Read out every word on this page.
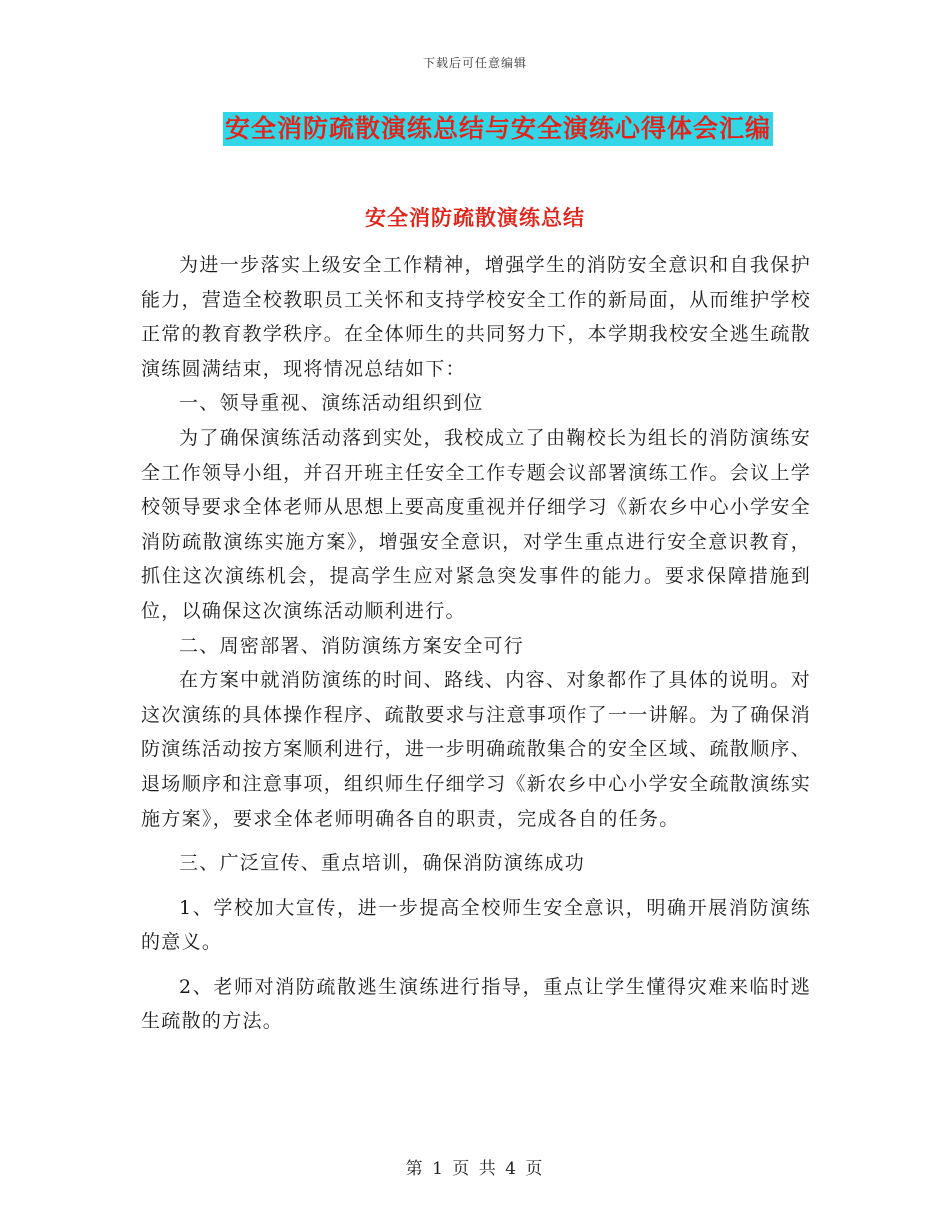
下载后可任意编辑
安全消防疏散演练总结与安全演练心得体会汇编
安全消防疏散演练总结

为进一步落实上级安全工作精神，增强学生的消防安全意识和自我保护能力，营造全校教职员工关怀和支持学校安全工作的新局面，从而维护学校正常的教育教学秩序。在全体师生的共同努力下，本学期我校安全逃生疏散演练圆满结束，现将情况总结如下：

一、领导重视、演练活动组织到位

为了确保演练活动落到实处，我校成立了由鞠校长为组长的消防演练安全工作领导小组，并召开班主任安全工作专题会议部署演练工作。会议上学校领导要求全体老师从思想上要高度重视并仔细学习《新农乡中心小学安全消防疏散演练实施方案》，增强安全意识，对学生重点进行安全意识教育，抓住这次演练机会，提高学生应对紧急突发事件的能力。要求保障措施到位，以确保这次演练活动顺利进行。

二、周密部署、消防演练方案安全可行

在方案中就消防演练的时间、路线、内容、对象都作了具体的说明。对这次演练的具体操作程序、疏散要求与注意事项作了一一讲解。为了确保消防演练活动按方案顺利进行，进一步明确疏散集合的安全区域、疏散顺序、退场顺序和注意事项，组织师生仔细学习《新农乡中心小学安全疏散演练实施方案》，要求全体老师明确各自的职责，完成各自的任务。

三、广泛宣传、重点培训，确保消防演练成功

1、学校加大宣传，进一步提高全校师生安全意识，明确开展消防演练的意义。

2、老师对消防疏散逃生演练进行指导，重点让学生懂得灾难来临时逃生疏散的方法。

第 1 页 共 4 页
